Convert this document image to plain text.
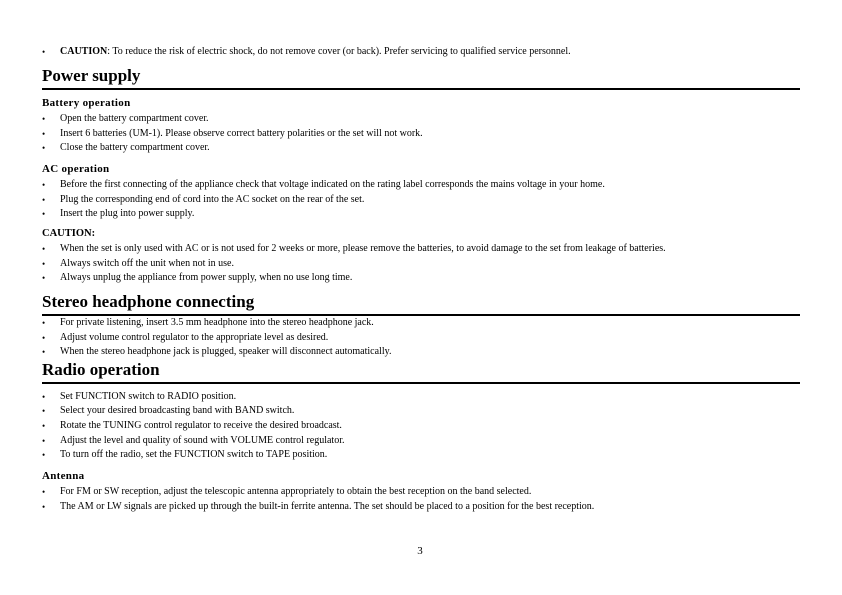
•	CAUTION: To reduce the risk of electric shock, do not remove cover (or back). Prefer servicing to qualified service personnel.
Power supply
Battery operation
•	Open the battery compartment cover.
•	Insert 6 batteries (UM-1). Please observe correct battery polarities or the set will not work.
•	Close the battery compartment cover.
AC operation
•	Before the first connecting of the appliance check that voltage indicated on the rating label corresponds the mains voltage in your home.
•	Plug the corresponding end of cord into the AC socket on the rear of the set.
•	Insert the plug into power supply.
CAUTION:
•	When the set is only used with AC or is not used for 2 weeks or more, please remove the batteries, to avoid damage to the set from leakage of batteries.
•	Always switch off the unit when not in use.
•	Always unplug the appliance from power supply, when no use long time.
Stereo headphone connecting
•	For private listening, insert 3.5 mm headphone into the stereo headphone jack.
•	Adjust volume control regulator to the appropriate level as desired.
•	When the stereo headphone jack is plugged, speaker will disconnect automatically.
Radio operation
•	Set FUNCTION switch to RADIO position.
•	Select your desired broadcasting band with BAND switch.
•	Rotate the TUNING control regulator to receive the desired broadcast.
•	Adjust the level and quality of sound with VOLUME control regulator.
•	To turn off the radio, set the FUNCTION switch to TAPE position.
Antenna
•	For FM or SW reception, adjust the telescopic antenna appropriately to obtain the best reception on the band selected.
•	The AM or LW signals are picked up through the built-in ferrite antenna. The set should be placed to a position for the best reception.
3
